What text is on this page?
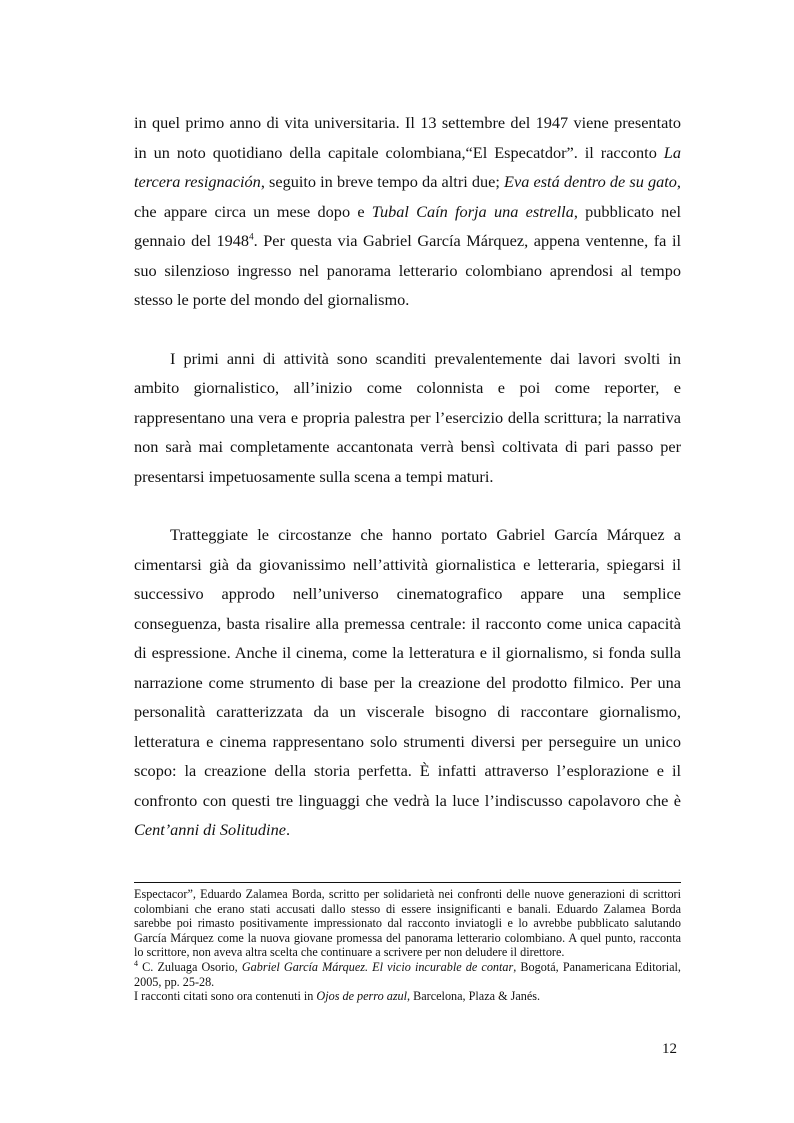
in quel primo anno di vita universitaria. Il 13 settembre del 1947 viene presentato in un noto quotidiano della capitale colombiana,“El Especatdor”. il racconto La tercera resignación, seguito in breve tempo da altri due; Eva está dentro de su gato, che appare circa un mese dopo e Tubal Caín forja una estrella, pubblicato nel gennaio del 1948$^4$. Per questa via Gabriel García Márquez, appena ventenne, fa il suo silenzioso ingresso nel panorama letterario colombiano aprendosi al tempo stesso le porte del mondo del giornalismo.

I primi anni di attività sono scanditi prevalentemente dai lavori svolti in ambito giornalistico, all’inizio come colonnista e poi come reporter, e rappresentano una vera e propria palestra per l’esercizio della scrittura; la narrativa non sarà mai completamente accantonata verrà bensì coltivata di pari passo per presentarsi impetuosamente sulla scena a tempi maturi.

Tratteggiate le circostanze che hanno portato Gabriel García Márquez a cimentarsi già da giovanissimo nell’attività giornalistica e letteraria, spiegarsi il successivo approdo nell’universo cinematografico appare una semplice conseguenza, basta risalire alla premessa centrale: il racconto come unica capacità di espressione. Anche il cinema, come la letteratura e il giornalismo, si fonda sulla narrazione come strumento di base per la creazione del prodotto filmico. Per una personalità caratterizzata da un viscerale bisogno di raccontare giornalismo, letteratura e cinema rappresentano solo strumenti diversi per perseguire un unico scopo: la creazione della storia perfetta. È infatti attraverso l’esplorazione e il confronto con questi tre linguaggi che vedrà la luce l’indiscusso capolavoro che è Cent’anni di Solitudine.

Espectacor”, Eduardo Zalamea Borda, scritto per solidarietà nei confronti delle nuove generazioni di scrittori colombiani che erano stati accusati dallo stesso di essere insignificanti e banali. Eduardo Zalamea Borda sarebbe poi rimasto positivamente impressionato dal racconto inviatogli e lo avrebbe pubblicato salutando García Márquez come la nuova giovane promessa del panorama letterario colombiano. A quel punto, racconta lo scrittore, non aveva altra scelta che continuare a scrivere per non deludere il direttore.

$^4$ C. Zuluaga Osorio, Gabriel García Márquez. El vicio incurable de contar, Bogotá, Panamericana Editorial, 2005, pp. 25-28.

I racconti citati sono ora contenuti in Ojos de perro azul, Barcelona, Plaza & Janés.

12
